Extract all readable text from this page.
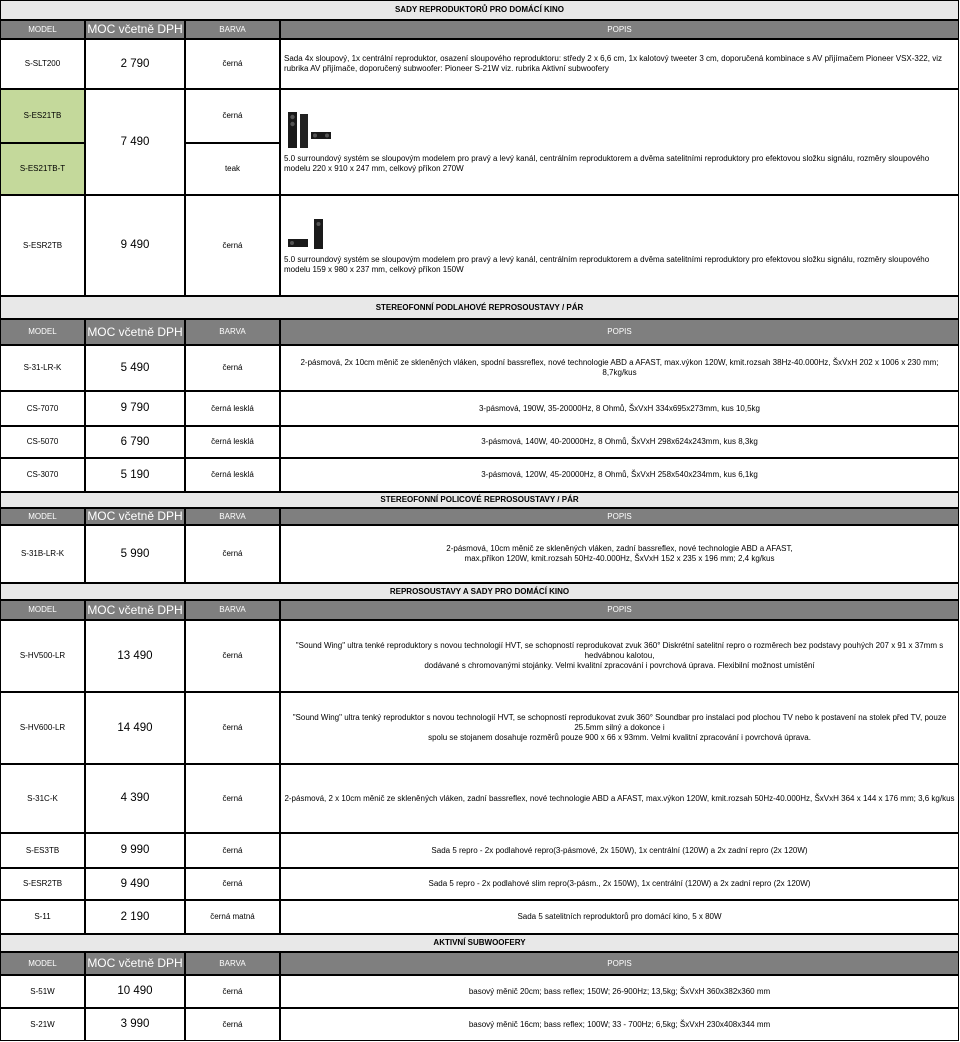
SADY REPRODUKTORŮ PRO DOMÁCÍ KINO
MODEL	MOC včetně DPH	BARVA	POPIS
S-SLT200	2 790	černá
Sada 4x sloupový, 1x centrální reproduktor, osazení sloupového reproduktoru: středy 2 x 6,6 cm, 1x kalotový tweeter 3 cm, doporučená kombinace s AV přijímačem Pioneer VSX-322, viz rubrika AV přijímače, doporučený subwoofer: Pioneer S-21W viz. rubrika Aktivní subwoofery
S-ES21TB
S-ES21TB-T
7 490
černá
teak
5.0 surroundový systém se sloupovým modelem pro pravý a levý kanál, centrálním reproduktorem a dvěma satelitními reproduktory pro efektovou složku signálu, rozměry sloupového modelu 220 x 910 x 247 mm, celkový příkon 270W
S-ESR2TB	9 490	černá
5.0 surroundový systém se sloupovým modelem pro pravý a levý kanál, centrálním reproduktorem a dvěma satelitními reproduktory pro efektovou složku signálu, rozměry sloupového modelu 159 x 980 x 237 mm, celkový příkon 150W
STEREOFONNÍ PODLAHOVÉ REPROSOUSTAVY / PÁR
MODEL	MOC včetně DPH	BARVA	POPIS
S-31-LR-K	5 490	černá
2-pásmová, 2x 10cm měnič ze skleněných vláken, spodní bassreflex, nové technologie ABD a AFAST, max.výkon 120W, kmit.rozsah 38Hz-40.000Hz, ŠxVxH 202 x 1006 x 230 mm; 8,7kg/kus
CS-7070	9 790	černá lesklá	3-pásmová, 190W, 35-20000Hz, 8 Ohmů, ŠxVxH 334x695x273mm, kus 10,5kg
CS-5070	6 790	černá lesklá	3-pásmová, 140W, 40-20000Hz, 8 Ohmů, ŠxVxH 298x624x243mm, kus 8,3kg
CS-3070	5 190	černá lesklá	3-pásmová, 120W, 45-20000Hz, 8 Ohmů, ŠxVxH 258x540x234mm, kus 6,1kg
STEREOFONNÍ POLICOVÉ REPROSOUSTAVY / PÁR
MODEL	MOC včetně DPH	BARVA	POPIS
S-31B-LR-K	5 990	černá
2-pásmová, 10cm měnič ze skleněných vláken, zadní bassreflex, nové technologie ABD a AFAST,
max.příkon 120W, kmit.rozsah 50Hz-40.000Hz, ŠxVxH 152 x 235 x 196 mm; 2,4 kg/kus
REPROSOUSTAVY A SADY PRO DOMÁCÍ KINO
MODEL	MOC včetně DPH	BARVA	POPIS
S-HV500-LR	13 490	černá
"Sound Wing" ultra tenké reproduktory s novou technologií HVT, se schopností reprodukovat zvuk 360° Diskrétní satelitní repro o rozměrech bez podstavy pouhých 207 x 91 x 37mm s hedvábnou kalotou,
dodávané s chromovanými stojánky. Velmi kvalitní zpracování i povrchová úprava. Flexibilní možnost umístění
S-HV600-LR	14 490	černá
"Sound Wing" ultra tenký reproduktor s novou technologií HVT, se schopností reprodukovat zvuk 360° Soundbar pro instalaci pod plochou TV nebo k postavení na stolek před TV, pouze 25.5mm silný a dokonce i
spolu se stojanem dosahuje rozměrů pouze 900 x 66 x 93mm. Velmi kvalitní zpracování i povrchová úprava.
S-31C-K	4 390	černá	2-pásmová, 2 x 10cm měnič ze skleněných vláken, zadní bassreflex, nové technologie ABD a AFAST, max.výkon 120W, kmit.rozsah 50Hz-40.000Hz, ŠxVxH 364 x 144 x 176 mm; 3,6 kg/kus
S-ES3TB	9 990	černá	Sada 5 repro - 2x podlahové repro(3-pásmové, 2x 150W), 1x centrální (120W) a 2x zadní repro (2x 120W)
S-ESR2TB	9 490	černá	Sada 5 repro - 2x podlahové slim repro(3-pásm., 2x 150W), 1x centrální (120W) a 2x zadní repro (2x 120W)
S-11	2 190	černá matná	Sada 5 satelitních reproduktorů pro domácí kino, 5 x 80W
AKTIVNÍ SUBWOOFERY
MODEL	MOC včetně DPH	BARVA	POPIS
S-51W	10 490	černá	basový měnič 20cm; bass reflex; 150W; 26-900Hz; 13,5kg; ŠxVxH 360x382x360 mm
S-21W	3 990	černá	basový měnič 16cm; bass reflex; 100W; 33 - 700Hz; 6,5kg; ŠxVxH 230x408x344 mm
